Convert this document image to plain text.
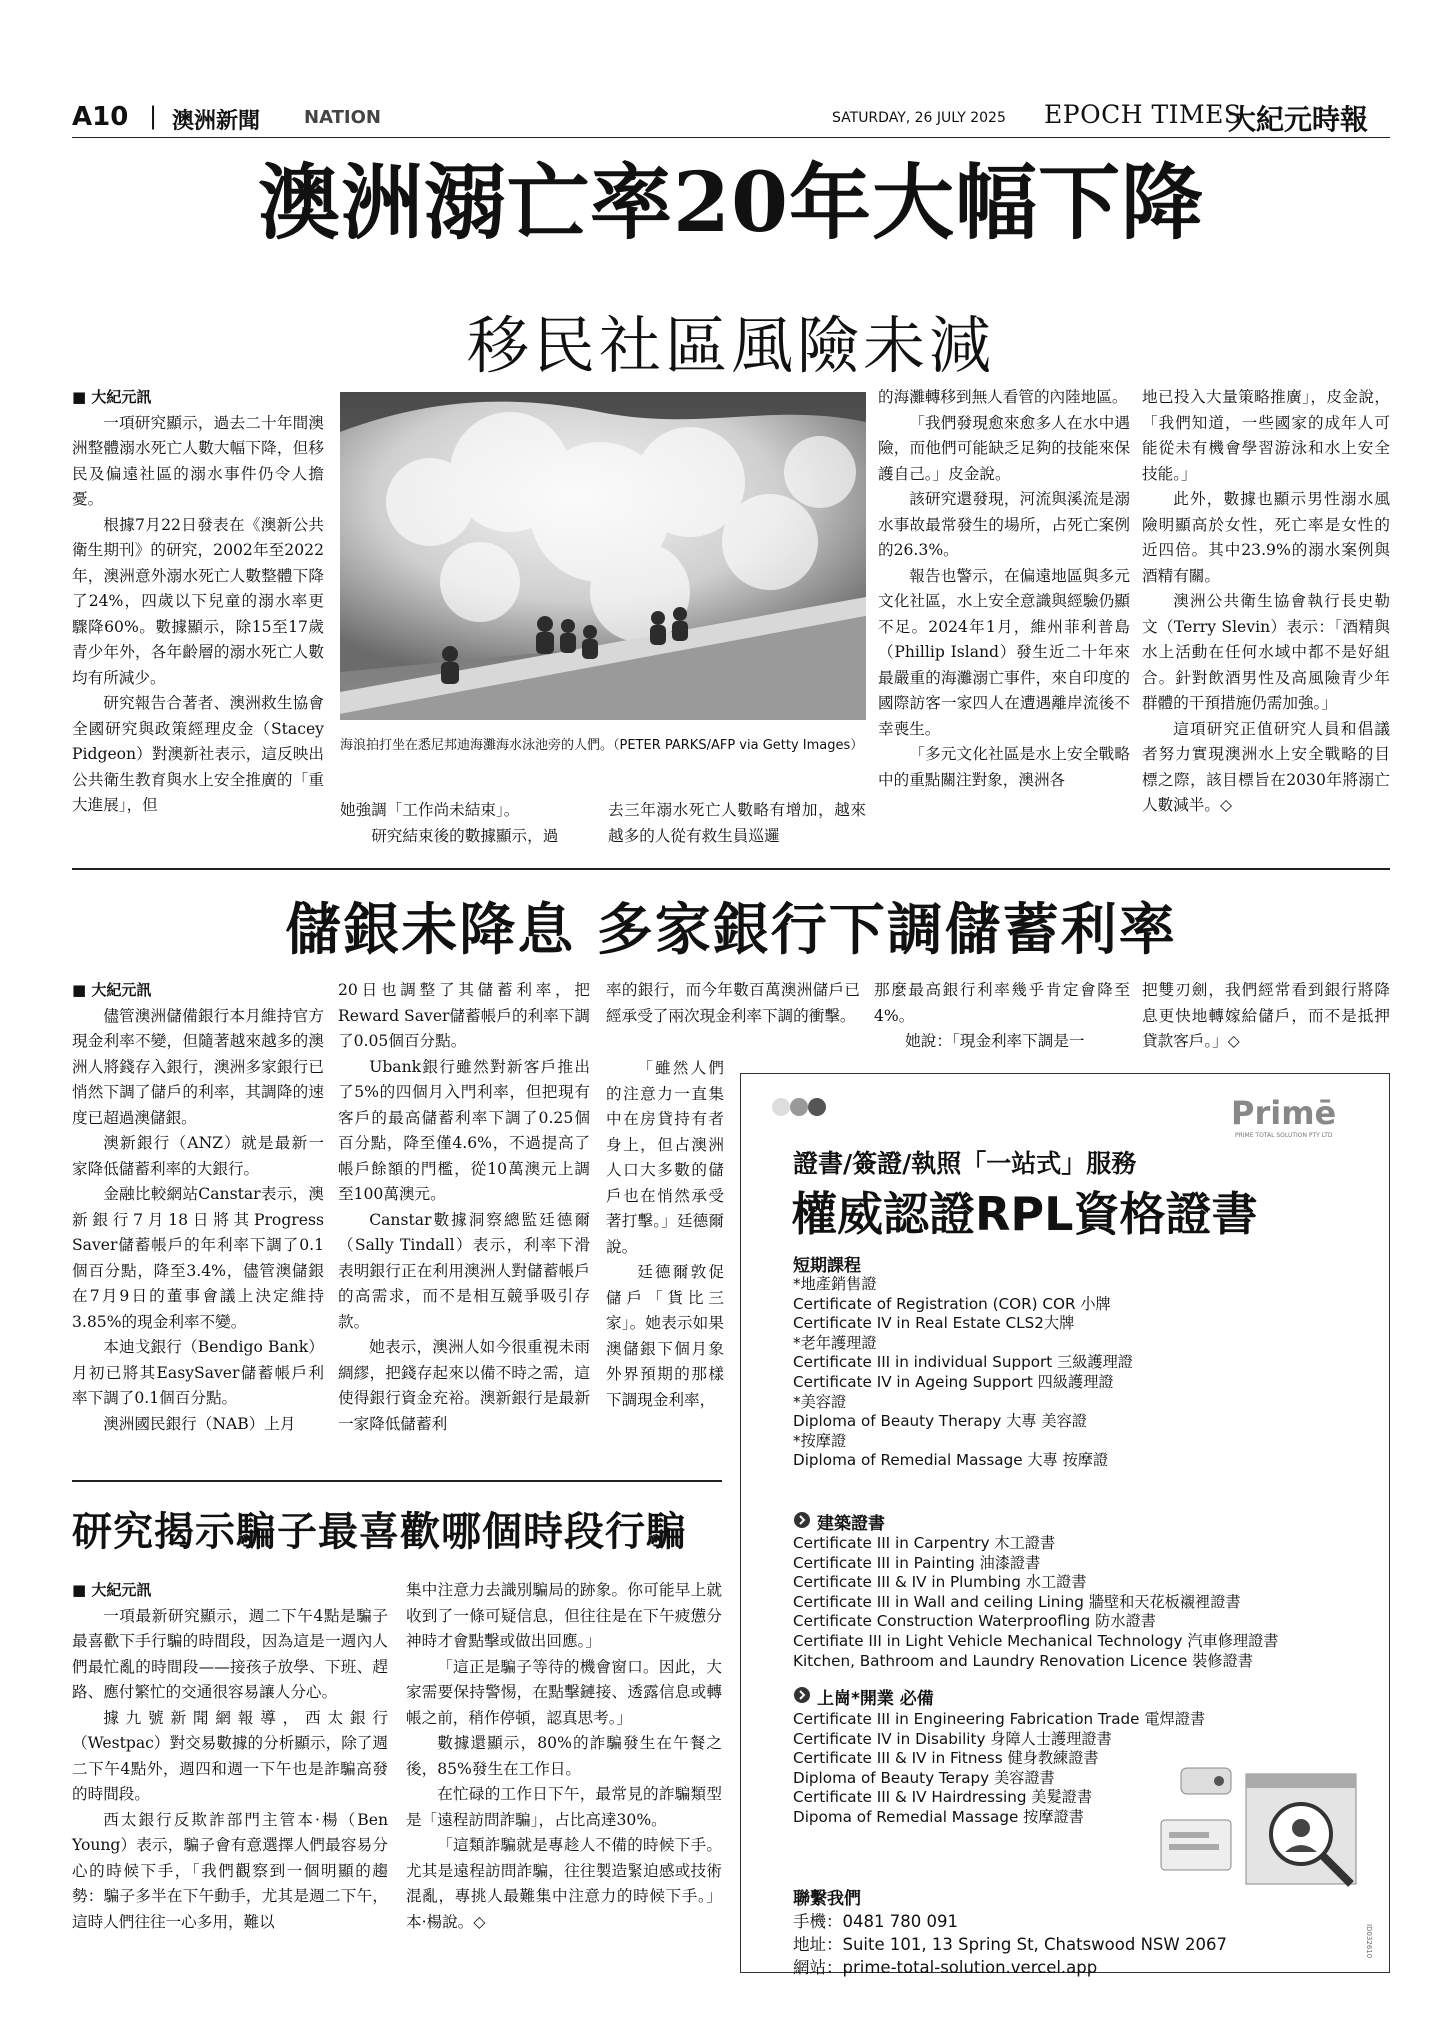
A10 | 澳洲新聞 NATION	SATURDAY, 26 JULY 2025 EPOCH TIMES
大紀元時報
澳洲溺亡率20年大幅下降
移民社區風險未減

■ 大紀元訊

一項研究顯示，過去二十年間澳洲整體溺水死亡人數大幅下降，但移民及偏遠社區的溺水事件仍令人擔憂。

根據7月22日發表在《澳新公共衛生期刊》的研究，2002年至2022年，澳洲意外溺水死亡人數整體下降了24%，四歲以下兒童的溺水率更驟降60%。數據顯示，除15至17歲青少年外，各年齡層的溺水死亡人數均有所減少。

研究報告合著者、澳洲救生協會全國研究與政策經理皮金（Stacey Pidgeon）對澳新社表示，這反映出公共衛生教育與水上安全推廣的「重大進展」，但

海浪拍打坐在悉尼邦迪海灘海水泳池旁的人們。（PETER PARKS/AFP via Getty Images）

她強調「工作尚未結束」。

研究結束後的數據顯示，過

去三年溺水死亡人數略有增加，越來越多的人從有救生員巡邏

的海灘轉移到無人看管的內陸地區。

「我們發現愈來愈多人在水中遇險，而他們可能缺乏足夠的技能來保護自己。」皮金說。

該研究還發現，河流與溪流是溺水事故最常發生的場所，占死亡案例的26.3%。

報告也警示，在偏遠地區與多元文化社區，水上安全意識與經驗仍顯不足。2024年1月，維州菲利普島（Phillip Island）發生近二十年來最嚴重的海灘溺亡事件，來自印度的國際訪客一家四人在遭遇離岸流後不幸喪生。

「多元文化社區是水上安全戰略中的重點關注對象，澳洲各

地已投入大量策略推廣」，皮金說，「我們知道，一些國家的成年人可能從未有機會學習游泳和水上安全技能。」

此外，數據也顯示男性溺水風險明顯高於女性，死亡率是女性的近四倍。其中23.9%的溺水案例與酒精有關。

澳洲公共衛生協會執行長史勒文（Terry Slevin）表示：「酒精與水上活動在任何水域中都不是好組合。針對飲酒男性及高風險青少年群體的干預措施仍需加強。」

這項研究正值研究人員和倡議者努力實現澳洲水上安全戰略的目標之際，該目標旨在2030年將溺亡人數減半。◇

儲銀未降息 多家銀行下調儲蓄利率

■ 大紀元訊

儘管澳洲儲備銀行本月維持官方現金利率不變，但隨著越來越多的澳洲人將錢存入銀行，澳洲多家銀行已悄然下調了儲戶的利率，其調降的速度已超過澳儲銀。

澳新銀行（ANZ）就是最新一家降低儲蓄利率的大銀行。

金融比較網站Canstar表示，澳新銀行7月18日將其Progress Saver儲蓄帳戶的年利率下調了0.1個百分點，降至3.4%，儘管澳儲銀在7月9日的董事會議上決定維持3.85%的現金利率不變。

本迪戈銀行（Bendigo Bank）月初已將其EasySaver儲蓄帳戶利率下調了0.1個百分點。

澳洲國民銀行（NAB）上月

20日也調整了其儲蓄利率，把Reward Saver儲蓄帳戶的利率下調了0.05個百分點。

Ubank銀行雖然對新客戶推出了5%的四個月入門利率，但把現有客戶的最高儲蓄利率下調了0.25個百分點，降至僅4.6%，不過提高了帳戶餘額的門檻，從10萬澳元上調至100萬澳元。

Canstar數據洞察總監廷德爾（Sally Tindall）表示，利率下滑表明銀行正在利用澳洲人對儲蓄帳戶的高需求，而不是相互競爭吸引存款。

她表示，澳洲人如今很重視未雨綢繆，把錢存起來以備不時之需，這使得銀行資金充裕。澳新銀行是最新一家降低儲蓄利

率的銀行，而今年數百萬澳洲儲戶已經承受了兩次現金利率下調的衝擊。

「雖然人們的注意力一直集中在房貸持有者身上，但占澳洲人口大多數的儲戶也在悄然承受著打擊。」廷德爾說。

廷德爾敦促儲戶「貨比三家」。她表示如果澳儲銀下個月象外界預期的那樣下調現金利率，

那麼最高銀行利率幾乎肯定會降至4%。

她說：「現金利率下調是一

把雙刃劍，我們經常看到銀行將降息更快地轉嫁給儲戶，而不是抵押貸款客戶。」◇

研究揭示騙子最喜歡哪個時段行騙

■ 大紀元訊

一項最新研究顯示，週二下午4點是騙子最喜歡下手行騙的時間段，因為這是一週內人們最忙亂的時間段——接孩子放學、下班、趕路、應付繁忙的交通很容易讓人分心。

據九號新聞網報導，西太銀行（Westpac）對交易數據的分析顯示，除了週二下午4點外，週四和週一下午也是詐騙高發的時間段。

西太銀行反欺詐部門主管本·楊（Ben Young）表示，騙子會有意選擇人們最容易分心的時候下手，「我們觀察到一個明顯的趨勢：騙子多半在下午動手，尤其是週二下午，這時人們往往一心多用，難以

集中注意力去識別騙局的跡象。你可能早上就收到了一條可疑信息，但往往是在下午疲憊分神時才會點擊或做出回應。」

「這正是騙子等待的機會窗口。因此，大家需要保持警惕，在點擊鏈接、透露信息或轉帳之前，稍作停頓，認真思考。」

數據還顯示，80%的詐騙發生在午餐之後，85%發生在工作日。

在忙碌的工作日下午，最常見的詐騙類型是「遠程訪問詐騙」，占比高達30%。

「這類詐騙就是專趁人不備的時候下手。尤其是遠程訪問詐騙，往往製造緊迫感或技術混亂，專挑人最難集中注意力的時候下手。」本·楊說。◇

Primē
PRIME TOTAL SOLUTION PTY LTD
證書/簽證/執照「一站式」服務
權威認證RPL資格證書
短期課程
*地產銷售證
Certificate of Registration (COR) COR 小牌
Certificate IV in Real Estate CLS2大牌
*老年護理證
Certificate III in individual Support 三級護理證
Certificate IV in Ageing Support 四級護理證
*美容證
Diploma of Beauty Therapy 大專 美容證
*按摩證
Diploma of Remedial Massage 大專 按摩證
建築證書
Certificate III in Carpentry 木工證書
Certificate III in Painting 油漆證書
Certificate III & IV in Plumbing 水工證書
Certificate III in Wall and ceiling Lining 牆壁和天花板襯裡證書
Certificate Construction Waterproofling 防水證書
Certifiate III in Light Vehicle Mechanical Technology 汽車修理證書
Kitchen, Bathroom and Laundry Renovation Licence 裝修證書
上崗*開業 必備
Certificate III in Engineering Fabrication Trade 電焊證書
Certificate IV in Disability 身障人士護理證書
Certificate III & IV in Fitness 健身教練證書
Diploma of Beauty Terapy 美容證書
Certificate III & IV Hairdressing 美髮證書
Dipoma of Remedial Massage 按摩證書
聯繫我們
手機：0481 780 091
地址：Suite 101, 13 Spring St, Chatswood NSW 2067
網站：prime-total-solution.vercel.app
ID032610
